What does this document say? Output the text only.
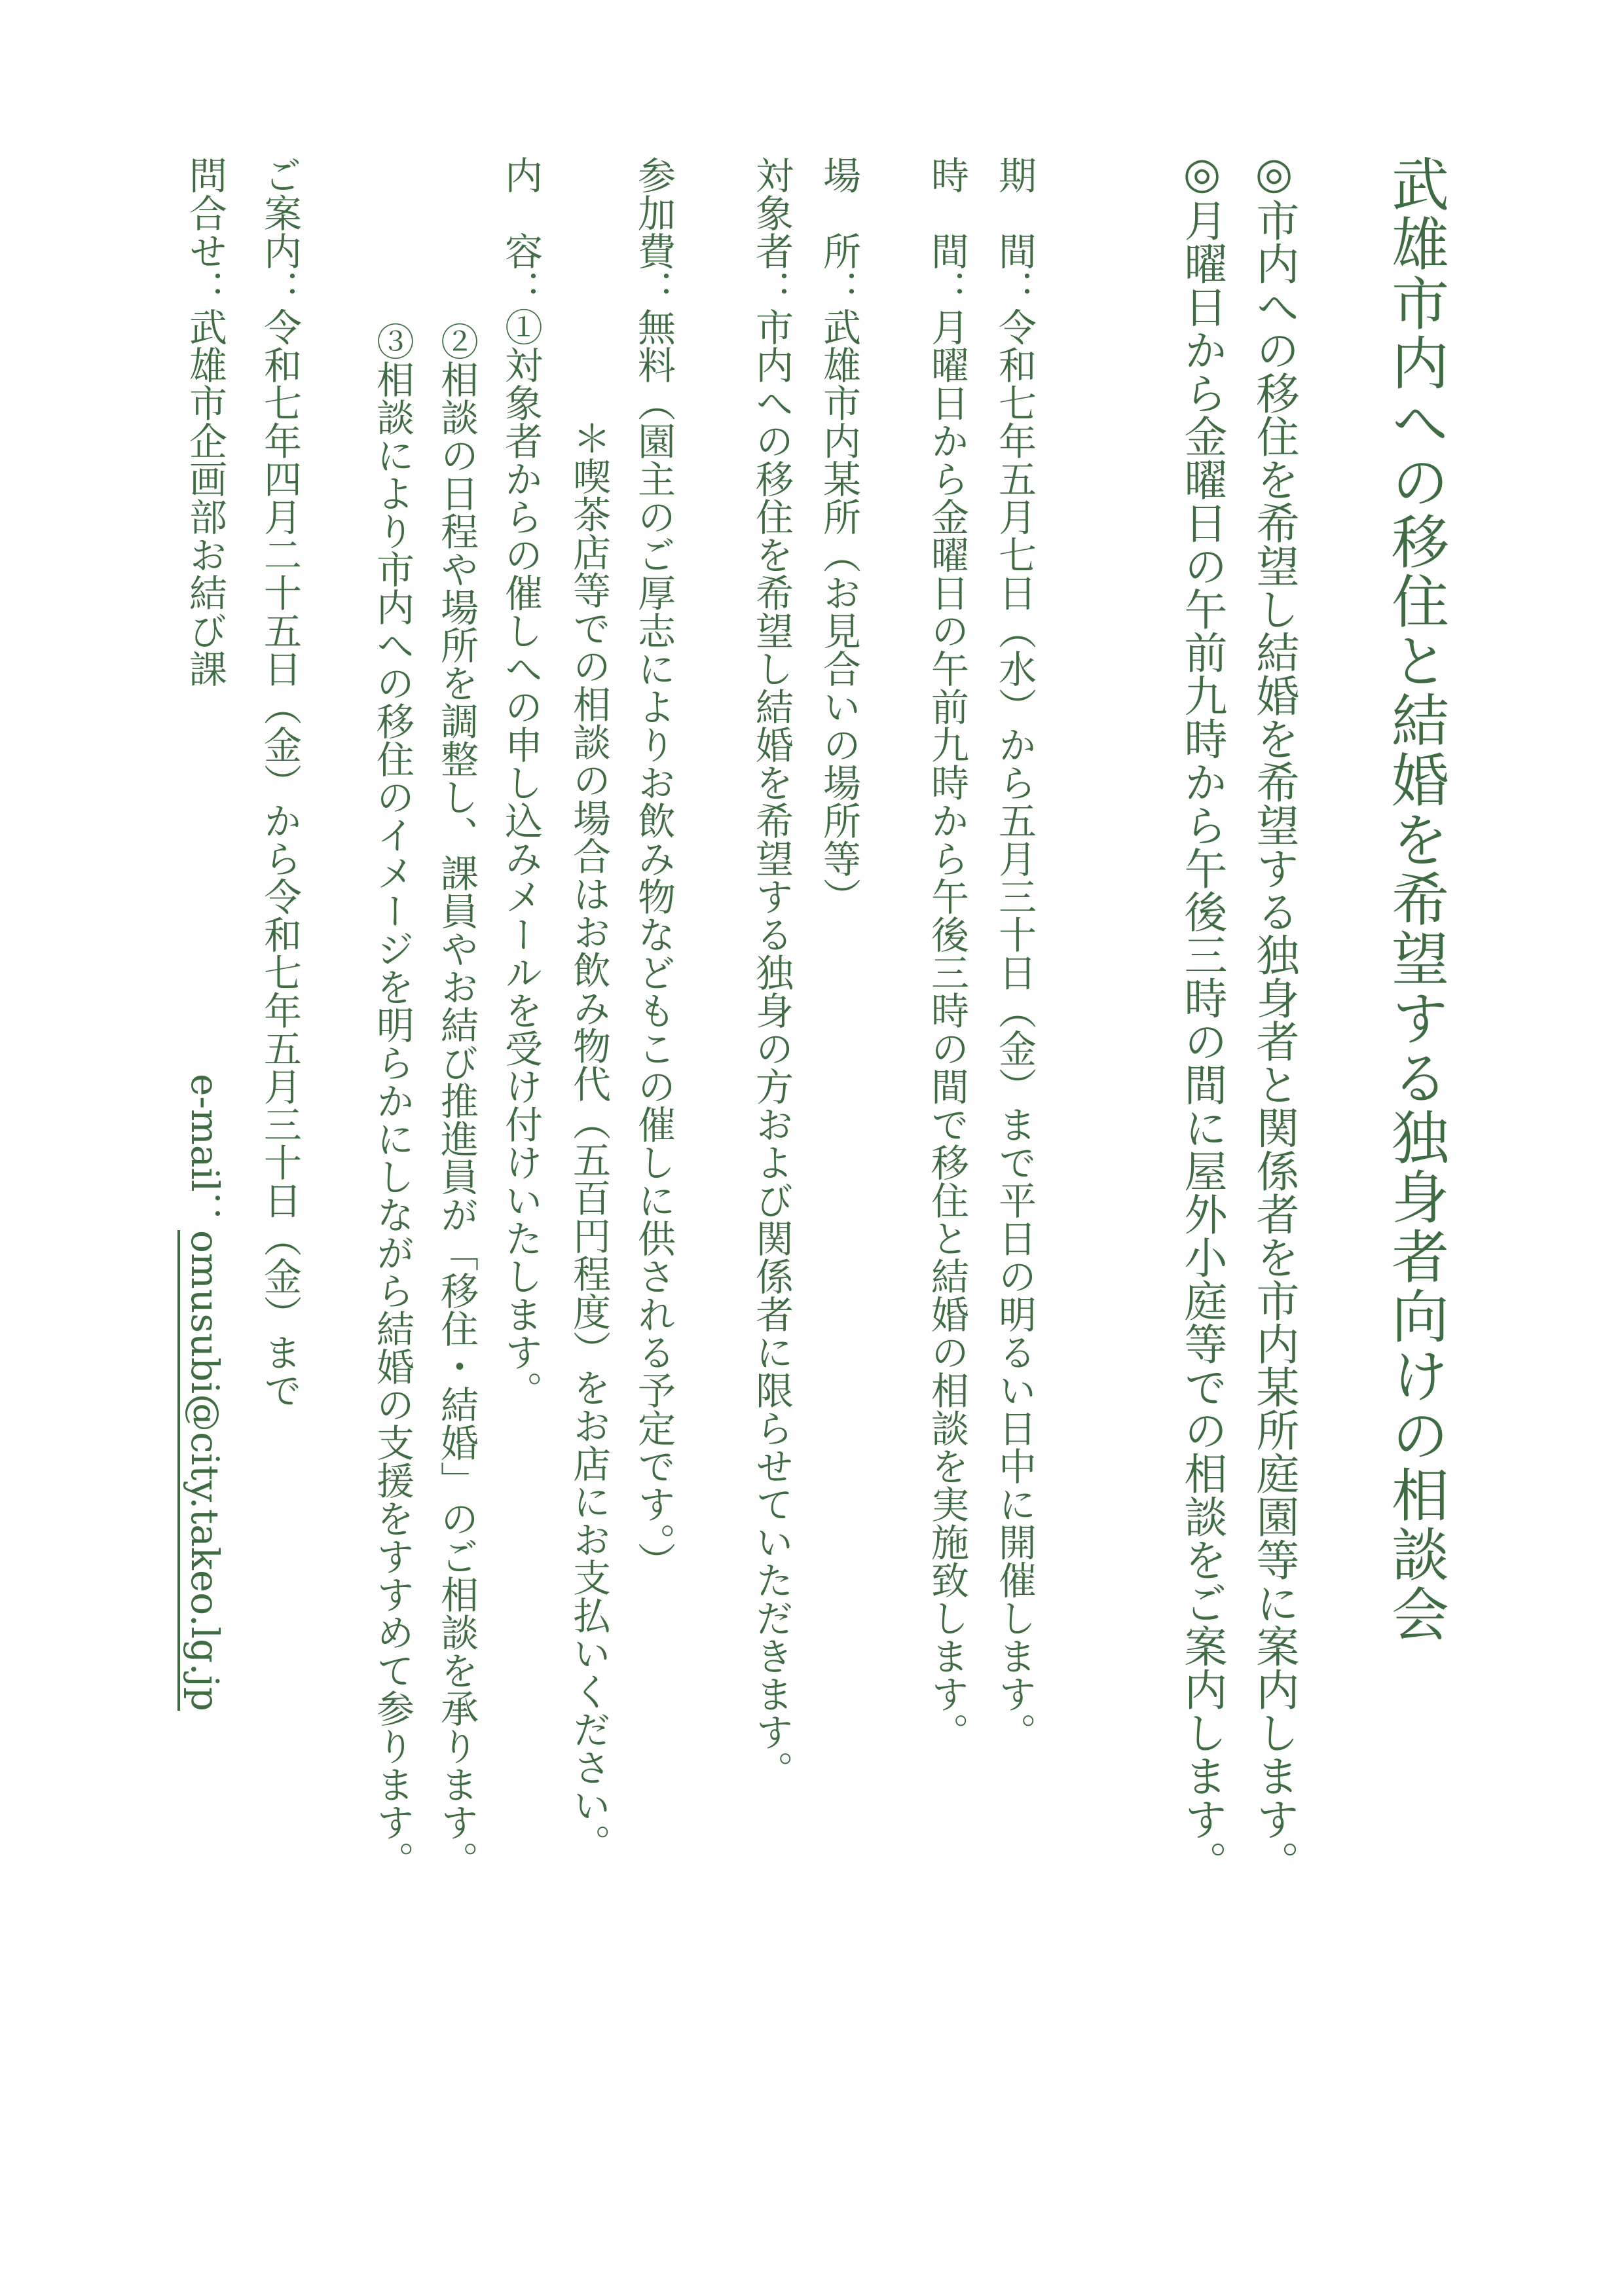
武雄市内への移住と結婚を希望する独身者向けの相談会
◎市内への移住を希望し結婚を希望する独身者と関係者を市内某所庭園等に案内します。
◎月曜日から金曜日の午前九時から午後三時の間に屋外小庭等での相談をご案内します。
期　間：令和七年五月七日（水）から五月三十日（金）まで平日の明るい日中に開催します。
時　間：月曜日から金曜日の午前九時から午後三時の間で移住と結婚の相談を実施致します。
場　所：武雄市内某所（お見合いの場所等）
対象者：市内への移住を希望し結婚を希望する独身の方および関係者に限らせていただきます。
参加費：無料（園主のご厚志によりお飲み物などもこの催しに供される予定です。）
＊喫茶店等での相談の場合はお飲み物代（五百円程度）をお店にお支払いください。
内　容：①対象者からの催しへの申し込みメールを受け付けいたします。
②相談の日程や場所を調整し、課員やお結び推進員が「移住・結婚」のご相談を承ります。
③相談により市内への移住のイメージを明らかにしながら結婚の支援をすすめて参ります。
ご案内：令和七年四月二十五日（金）から令和七年五月三十日（金）まで
問合せ：武雄市企画部お結び課
e-mail：omusubi@city.takeo.lg.jp
